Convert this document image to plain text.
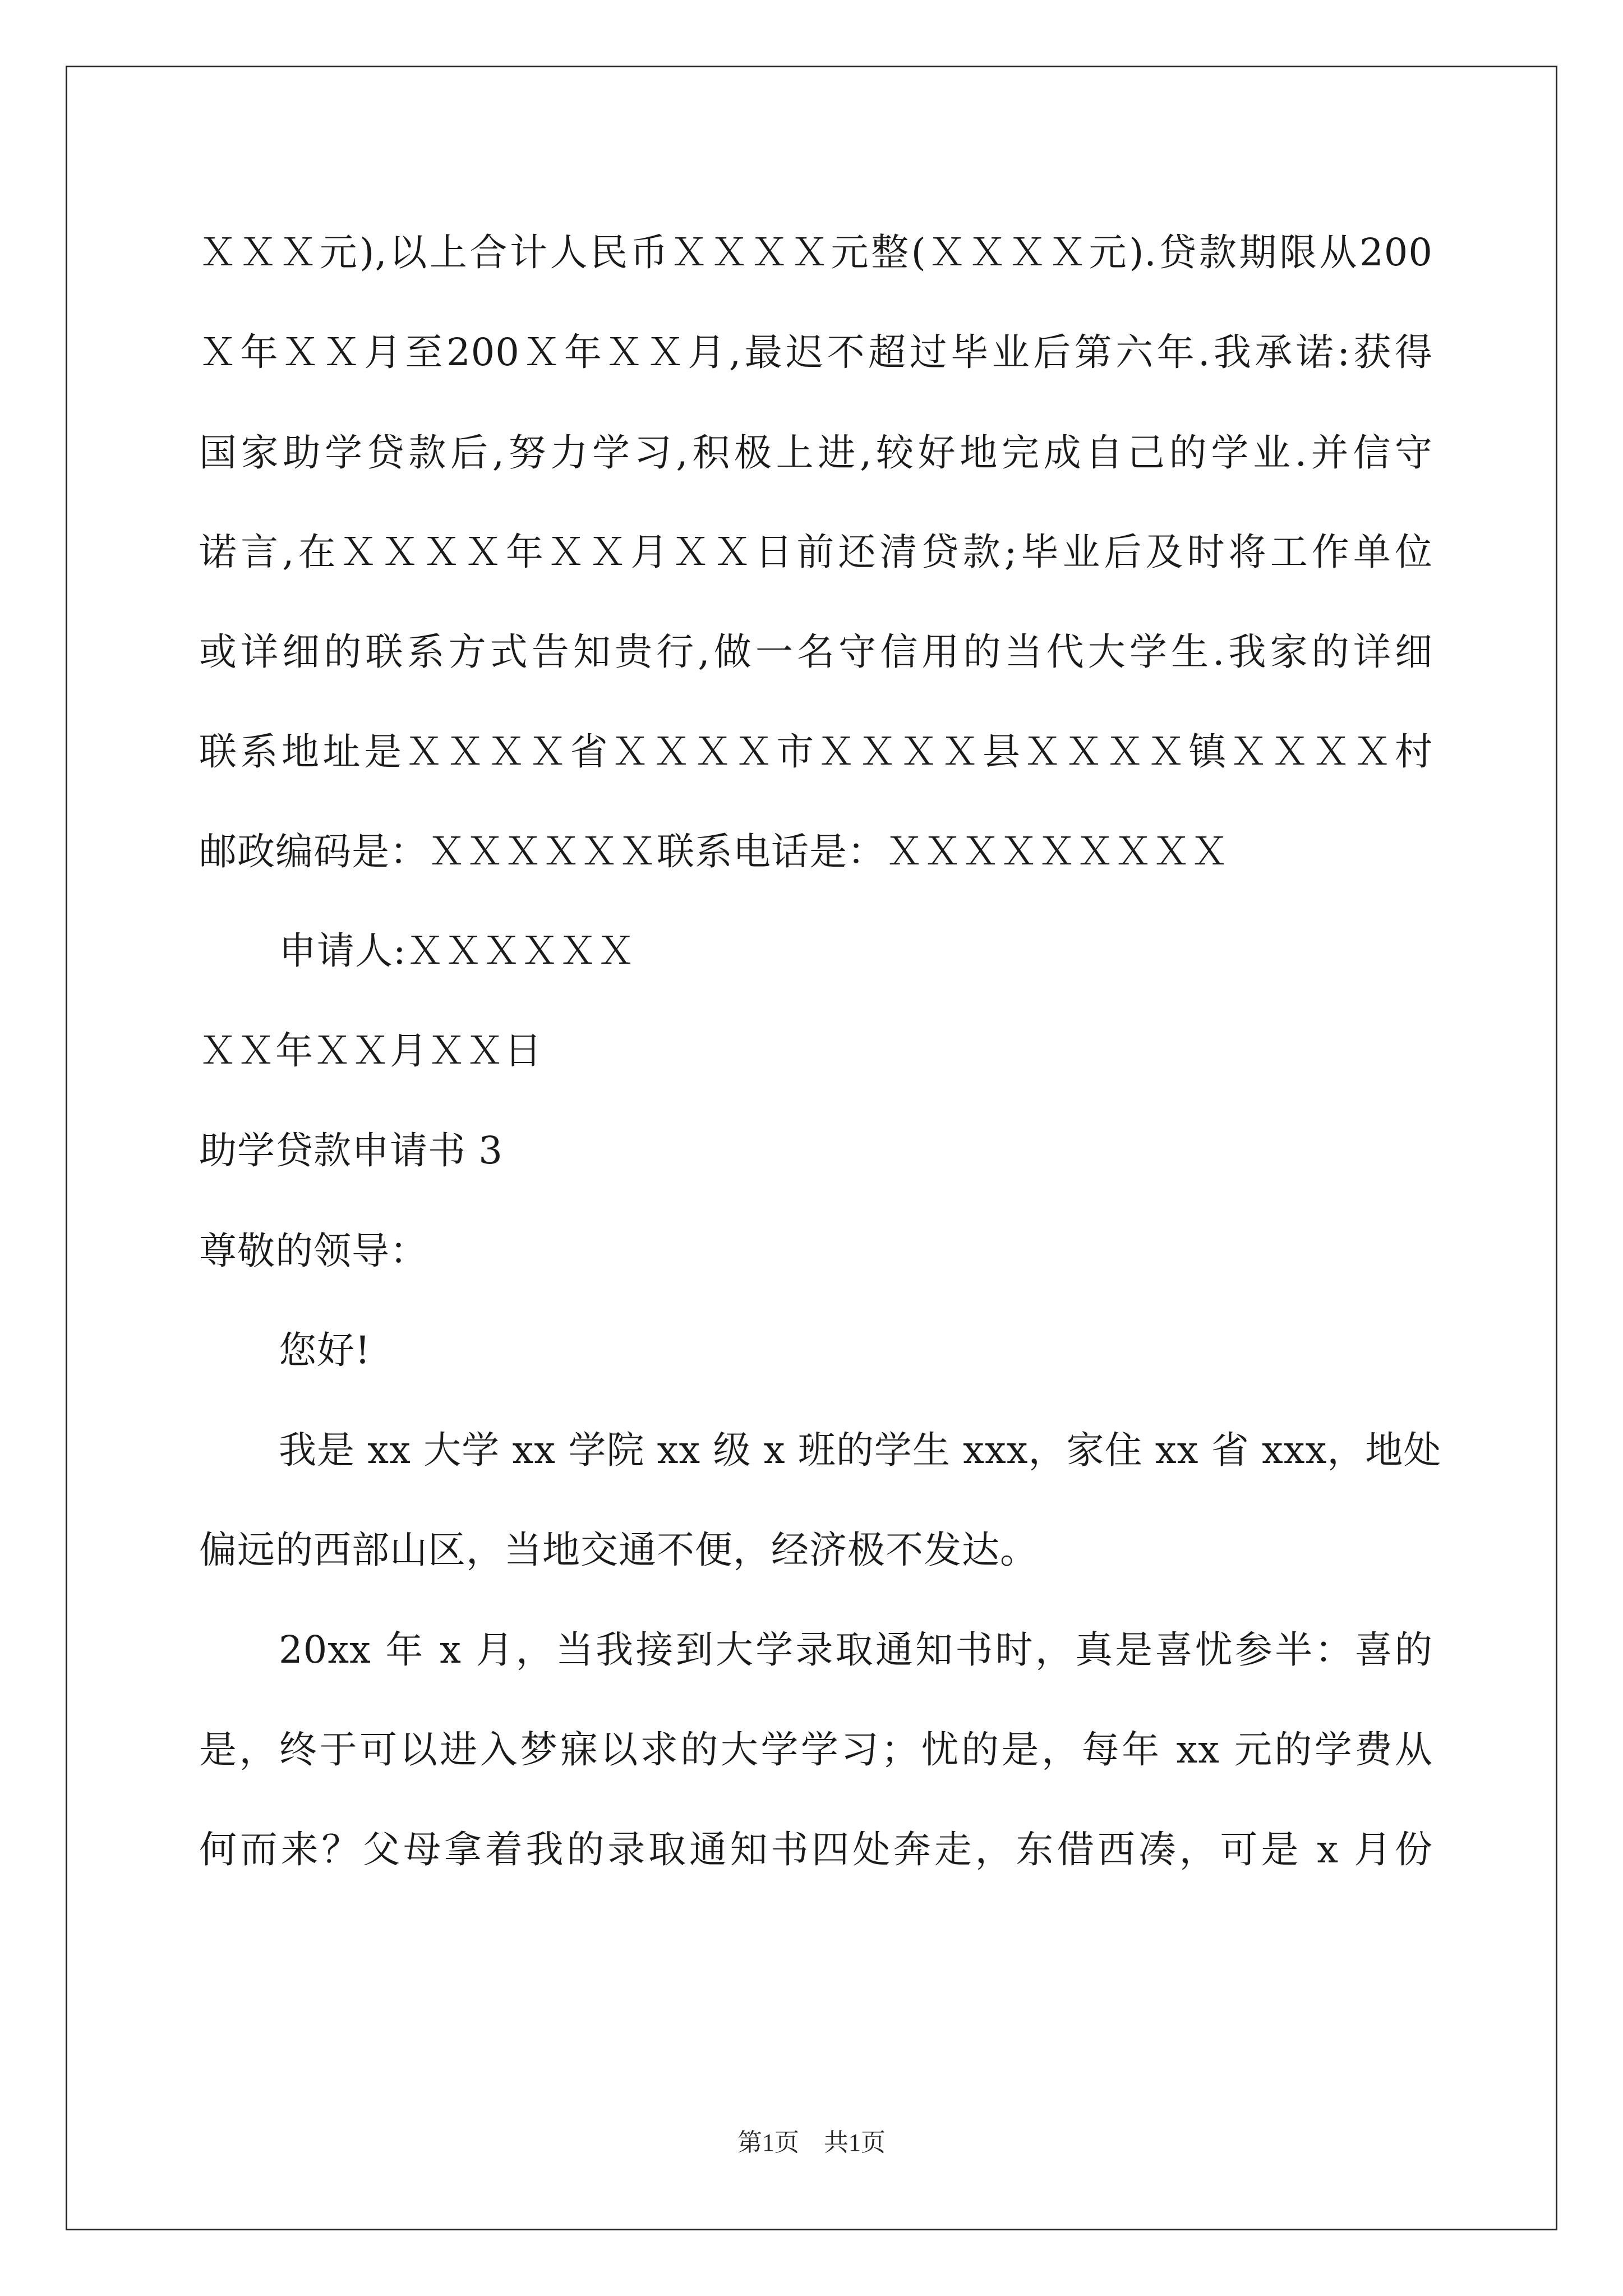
ＸＸＸ元),以上合计人民币ＸＸＸＸ元整(ＸＸＸＸ元).贷款期限从200
Ｘ年ＸＸ月至200Ｘ年ＸＸ月,最迟不超过毕业后第六年.我承诺:获得
国家助学贷款后,努力学习,积极上进,较好地完成自己的学业.并信守
诺言,在ＸＸＸＸ年ＸＸ月ＸＸ日前还清贷款;毕业后及时将工作单位
或详细的联系方式告知贵行,做一名守信用的当代大学生.我家的详细
联系地址是ＸＸＸＸ省ＸＸＸＸ市ＸＸＸＸ县ＸＸＸＸ镇ＸＸＸＸ村
邮政编码是：ＸＸＸＸＸＸ联系电话是：ＸＸＸＸＸＸＸＸＸ
申请人:ＸＸＸＸＸＸ
ＸＸ年ＸＸ月ＸＸ日
助学贷款申请书 3
尊敬的领导：
您好!
我是 xx 大学 xx 学院 xx 级 x 班的学生 xxx，家住 xx 省 xxx，地处
偏远的西部山区，当地交通不便，经济极不发达。
20xx 年 x 月，当我接到大学录取通知书时，真是喜忧参半：喜的
是，终于可以进入梦寐以求的大学学习；忧的是，每年 xx 元的学费从
何而来？父母拿着我的录取通知书四处奔走，东借西凑，可是 x 月份
第1页　共1页
